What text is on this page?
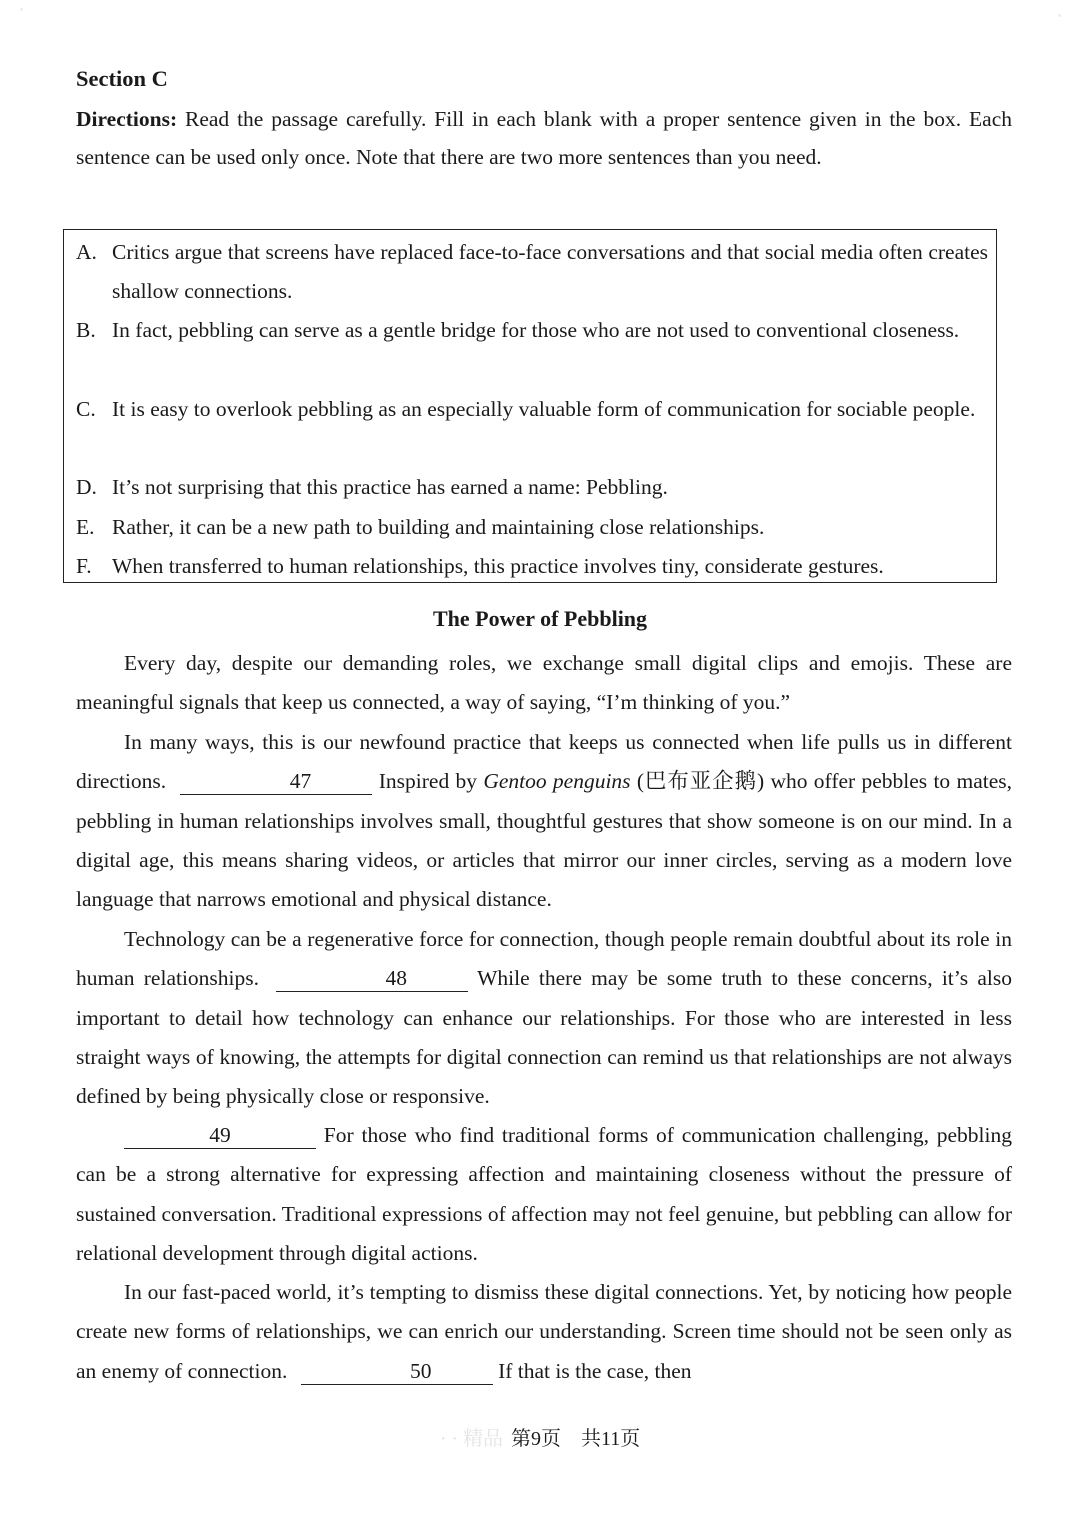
Section C
Directions: Read the passage carefully. Fill in each blank with a proper sentence given in the box. Each sentence can be used only once. Note that there are two more sentences than you need.
A. Critics argue that screens have replaced face-to-face conversations and that social media often creates shallow connections.
B. In fact, pebbling can serve as a gentle bridge for those who are not used to conventional closeness.
C. It is easy to overlook pebbling as an especially valuable form of communication for sociable people.
D. It’s not surprising that this practice has earned a name: Pebbling.
E. Rather, it can be a new path to building and maintaining close relationships.
F. When transferred to human relationships, this practice involves tiny, considerate gestures.
The Power of Pebbling
Every day, despite our demanding roles, we exchange small digital clips and emojis. These are meaningful signals that keep us connected, a way of saying, “I’m thinking of you.”
In many ways, this is our newfound practice that keeps us connected when life pulls us in different directions.	47	Inspired by Gentoo penguins (巴布亚企鹅) who offer pebbles to mates, pebbling in human relationships involves small, thoughtful gestures that show someone is on our mind. In a digital age, this means sharing videos, or articles that mirror our inner circles, serving as a modern love language that narrows emotional and physical distance.
Technology can be a regenerative force for connection, though people remain doubtful about its role in human relationships.	48	While there may be some truth to these concerns, it’s also important to detail how technology can enhance our relationships. For those who are interested in less straight ways of knowing, the attempts for digital connection can remind us that relationships are not always defined by being physically close or responsive.
49	For those who find traditional forms of communication challenging, pebbling can be a strong alternative for expressing affection and maintaining closeness without the pressure of sustained conversation. Traditional expressions of affection may not feel genuine, but pebbling can allow for relational development through digital actions.
In our fast-paced world, it’s tempting to dismiss these digital connections. Yet, by noticing how people create new forms of relationships, we can enrich our understanding. Screen time should not be seen only as an enemy of connection.	50	If that is the case, then
· · 精品 第9页　共11页
